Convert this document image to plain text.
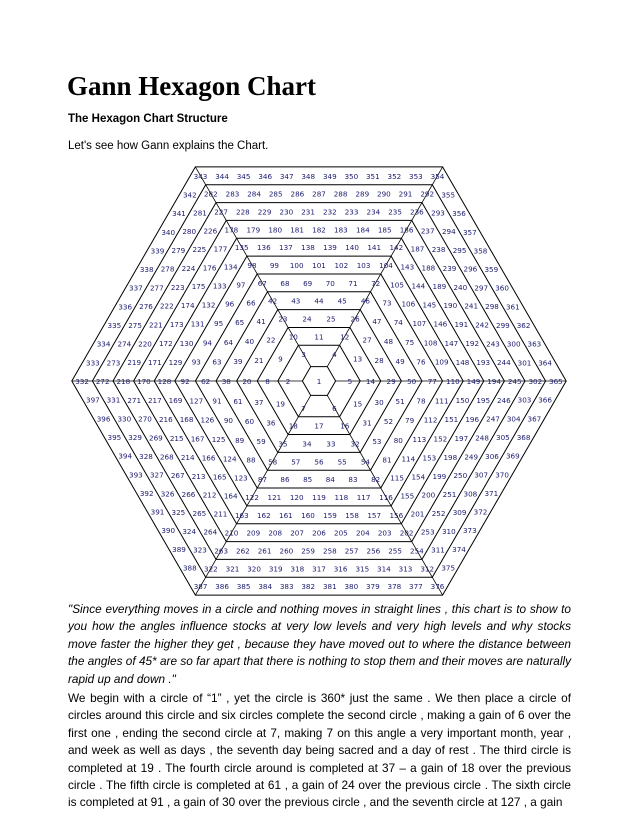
Gann Hexagon Chart

The Hexagon Chart Structure

Let's see how Gann explains the Chart.

1
2
3	4
5
6
7
8
9
10 11 12
13
14
15
16
17
18
19
20
21
22
23 24 25 26
27
28
29
30
31
32
33
34
35
36
37
38
39
40
41
42 43 44 45 46
47
48
49
50
51
52
53
54
55
56
57
58
59
60
61
62
63
64
65
66
67 68 69 70 71 72
73
74
75
76
77
78
79
80
81
82
83
84
85
86
87
88
89
90
91
92
93
94
95
96
97
98 99 100 101 102 103 104
105
106
107
108
109
110
111
112
113
114
115
116
117
118
119
120
121
122
123
124
125
126
127
128
129
130
131
132
133
134
135 136 137 138 139 140 141 142
143
144
145
146
147
148
149
150
151
152
153
154
155
156
157
158
159
160
161
162
163
164
165
166
167
168
169
170
171
172
173
174
175
176
177
178 179 180 181 182 183 184 185 186
187
188
189
190
191
192
193
194
195
196
197
198
199
200
201
202
203
204
205
206
207
208
209
210
211
212
213
214
215
216
217
218
219
220
221
222
223
224
225
226
227 228 229 230 231 232 233 234 235 236
237
238
239
240
241
242
243
244
245
246
247
248
249
250
251
252
253
254
255
256
257
258
259
260
261
262
263
264
265
266
267
268
269
270
271
272
273
274
275
276
277
278
279
280
281
282 283 284 285 286 287 288 289 290 291 292
293
294
295
296
297
298
299
300
301
302
303
304
305
306
307
308
309
310
311
312
313
314
315
316
317
318
319
320
321
322
323
324
325
326
327
328
329
330
331
332
333
334
335
336
337
338
339
340
341
342
343 344 345 346 347 348 349 350 351 352 353 354
355
356
357
358
359
360
361
362
363
364
365
366
367
368
369
370
371
372
373
374
375
376
377
378
379
380
381
382
383
384
385
386
387
388
389
390
391
392
393
394
395
396
397

"Since everything moves in a circle and nothing moves in straight lines , this chart is to show to you how the angles influence stocks at very low levels and very high levels and why stocks move faster the higher they get , because they have moved out to where the distance between the angles of 45* are so far apart that there is nothing to stop them and their moves are naturally rapid up and down ."

We begin with a circle of “1” , yet the circle is 360* just the same . We then place a circle of circles around this circle and six circles complete the second circle , making a gain of 6 over the first one , ending the second circle at 7, making 7 on this angle a very important month, year , and week as well as days , the seventh day being sacred and a day of rest . The third circle is completed at 19 . The fourth circle around is completed at 37 – a gain of 18 over the previous circle . The fifth circle is completed at 61 , a gain of 24 over the previous circle . The sixth circle is completed at 91 , a gain of 30 over the previous circle , and the seventh circle at 127 , a gain
